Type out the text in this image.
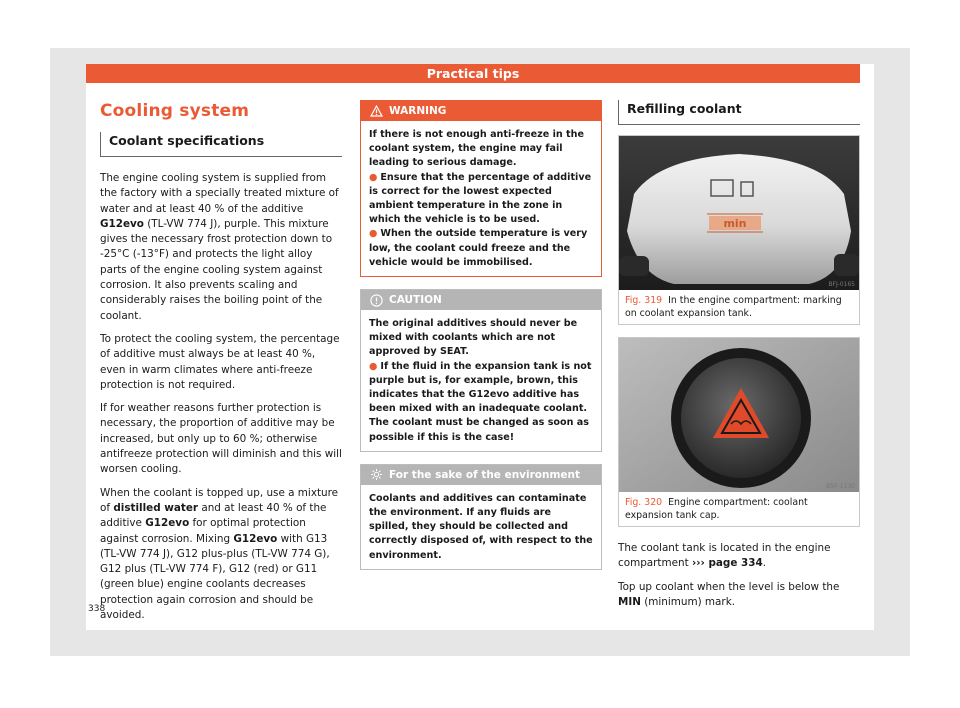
Practical tips
Cooling system
Coolant specifications

The engine cooling system is supplied from the factory with a specially treated mixture of water and at least 40 % of the additive G12evo (TL-VW 774 J), purple. This mixture gives the necessary frost protection down to -25°C (-13°F) and protects the light alloy parts of the engine cooling system against corrosion. It also prevents scaling and considerably raises the boiling point of the coolant.

To protect the cooling system, the percentage of additive must always be at least 40 %, even in warm climates where anti-freeze protection is not required.

If for weather reasons further protection is necessary, the proportion of additive may be increased, but only up to 60 %; otherwise antifreeze protection will diminish and this will worsen cooling.

When the coolant is topped up, use a mixture of distilled water and at least 40 % of the additive G12evo for optimal protection against corrosion. Mixing G12evo with G13 (TL-VW 774 J), G12 plus-plus (TL-VW 774 G), G12 plus (TL-VW 774 F), G12 (red) or G11 (green blue) engine coolants decreases protection again corrosion and should be avoided.

WARNING

If there is not enough anti-freeze in the coolant system, the engine may fail leading to serious damage.

● Ensure that the percentage of additive is correct for the lowest expected ambient temperature in the zone in which the vehicle is to be used.

● When the outside temperature is very low, the coolant could freeze and the vehicle would be immobilised.

CAUTION

The original additives should never be mixed with coolants which are not approved by SEAT.

● If the fluid in the expansion tank is not purple but is, for example, brown, this indicates that the G12evo additive has been mixed with an inadequate coolant. The coolant must be changed as soon as possible if this is the case!

For the sake of the environment
Coolants and additives can contaminate the environment. If any fluids are spilled, they should be collected and correctly disposed of, with respect to the environment.
Refilling coolant
min
BFJ-0165
Fig. 319 In the engine compartment: marking on coolant expansion tank.
B5F-1130
Fig. 320 Engine compartment: coolant expansion tank cap.

The coolant tank is located in the engine compartment ››› page 334.

Top up coolant when the level is below the MIN (minimum) mark.

338
